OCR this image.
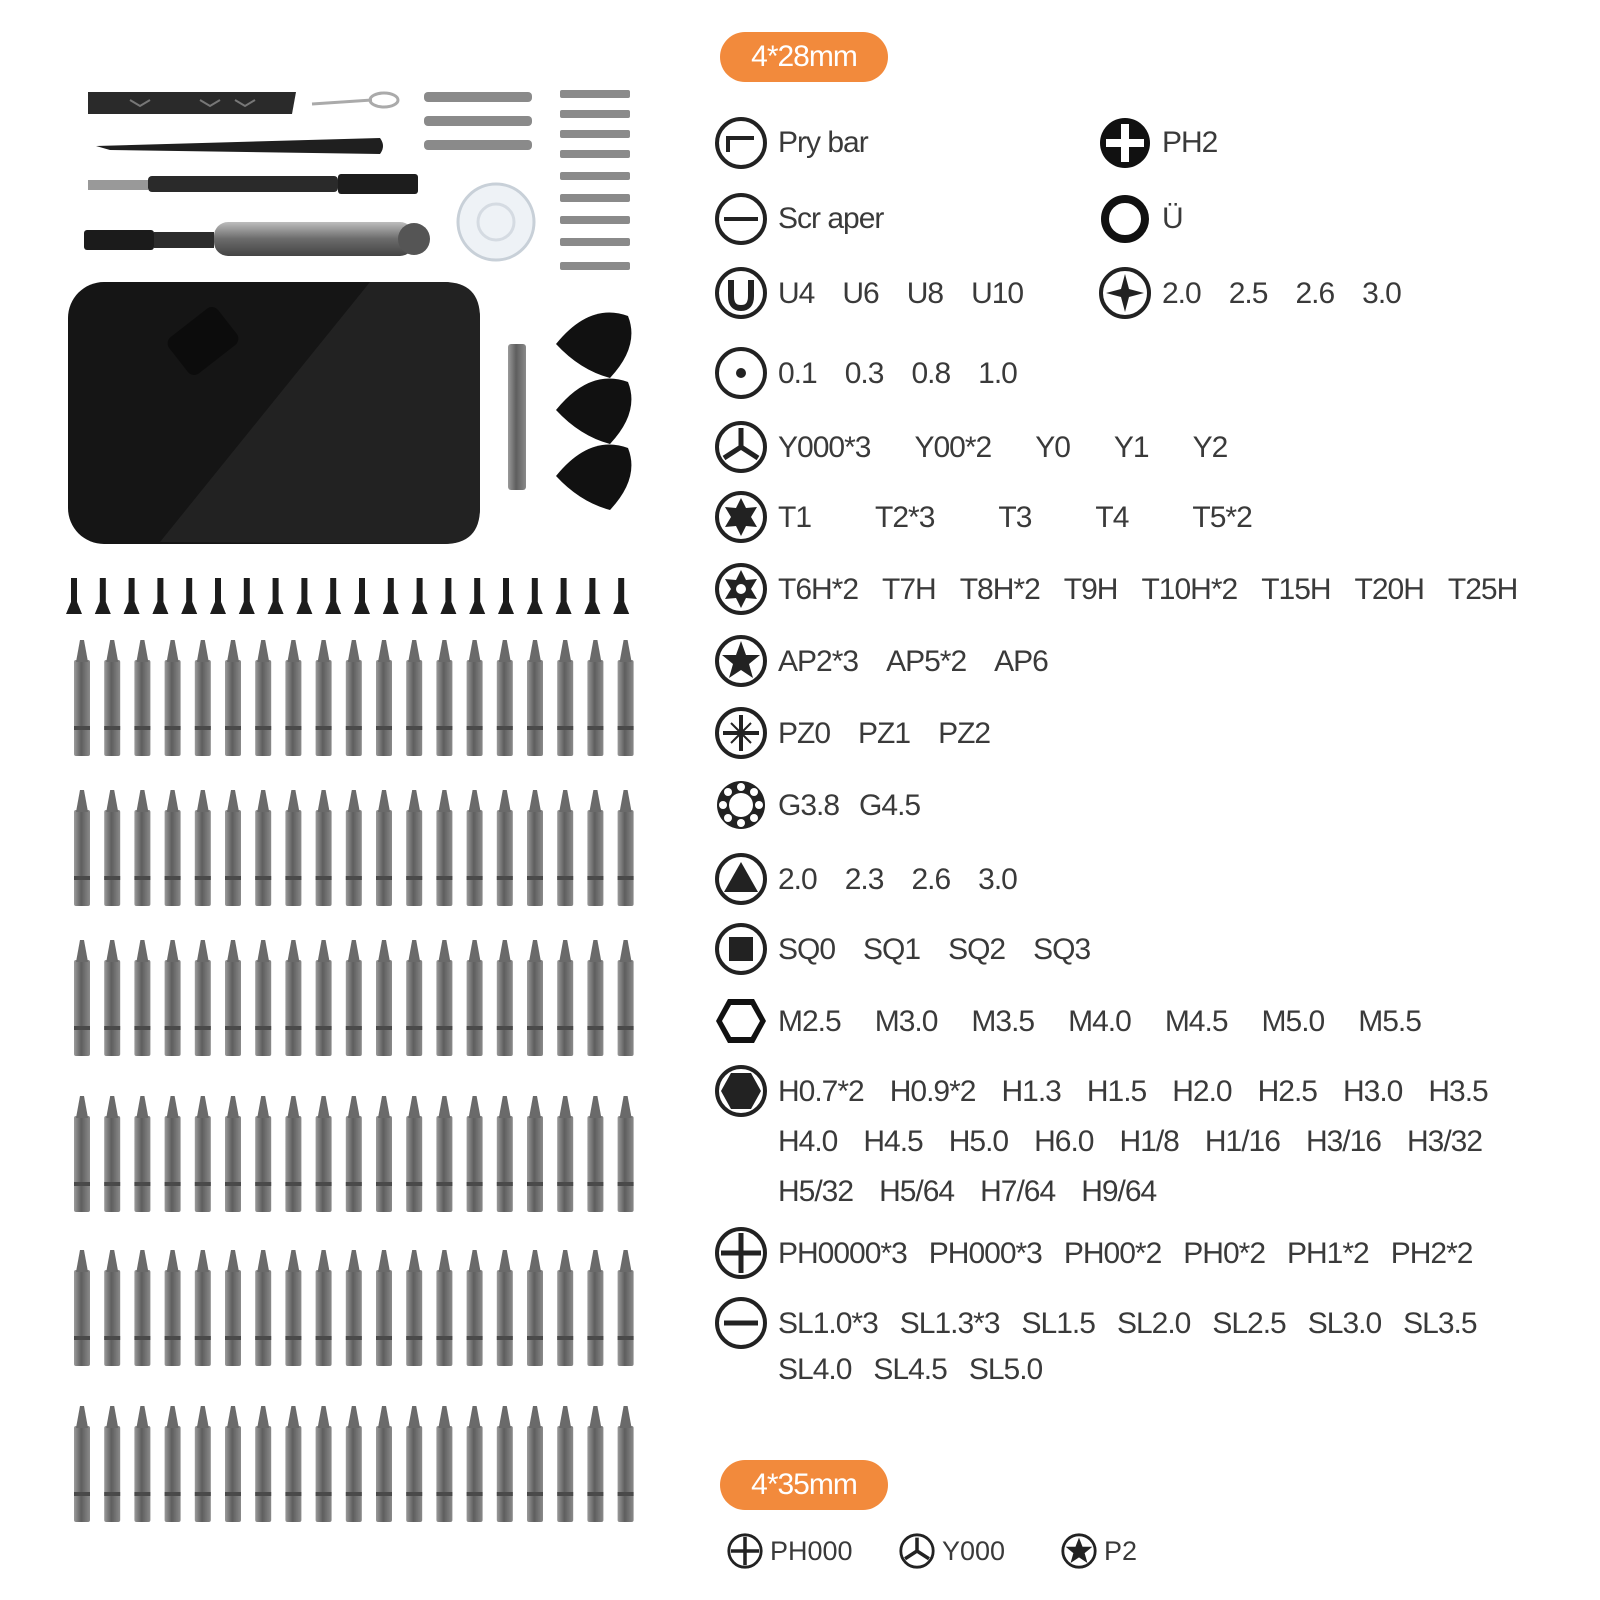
4*28mm
Pry bar	PH2
Scr aper	Ü
U4 U6 U8 U10	2.0 2.5 2.6 3.0
0.1 0.3 0.8 1.0
Y000*3 Y00*2 Y0 Y1 Y2
T1 T2*3 T3 T4 T5*2
T6H*2 T7H T8H*2 T9H T10H*2 T15H T20H T25H
AP2*3 AP5*2 AP6
PZ0 PZ1 PZ2
G3.8 G4.5
2.0 2.3 2.6 3.0
SQ0 SQ1 SQ2 SQ3
M2.5 M3.0 M3.5 M4.0 M4.5 M5.0 M5.5
H0.7*2 H0.9*2 H1.3 H1.5 H2.0 H2.5 H3.0 H3.5
H4.0 H4.5 H5.0 H6.0 H1/8 H1/16 H3/16 H3/32
H5/32 H5/64 H7/64 H9/64
PH0000*3 PH000*3 PH00*2 PH0*2 PH1*2 PH2*2
SL1.0*3 SL1.3*3 SL1.5 SL2.0 SL2.5 SL3.0 SL3.5
SL4.0 SL4.5 SL5.0
4*35mm
PH000	Y000	P2
